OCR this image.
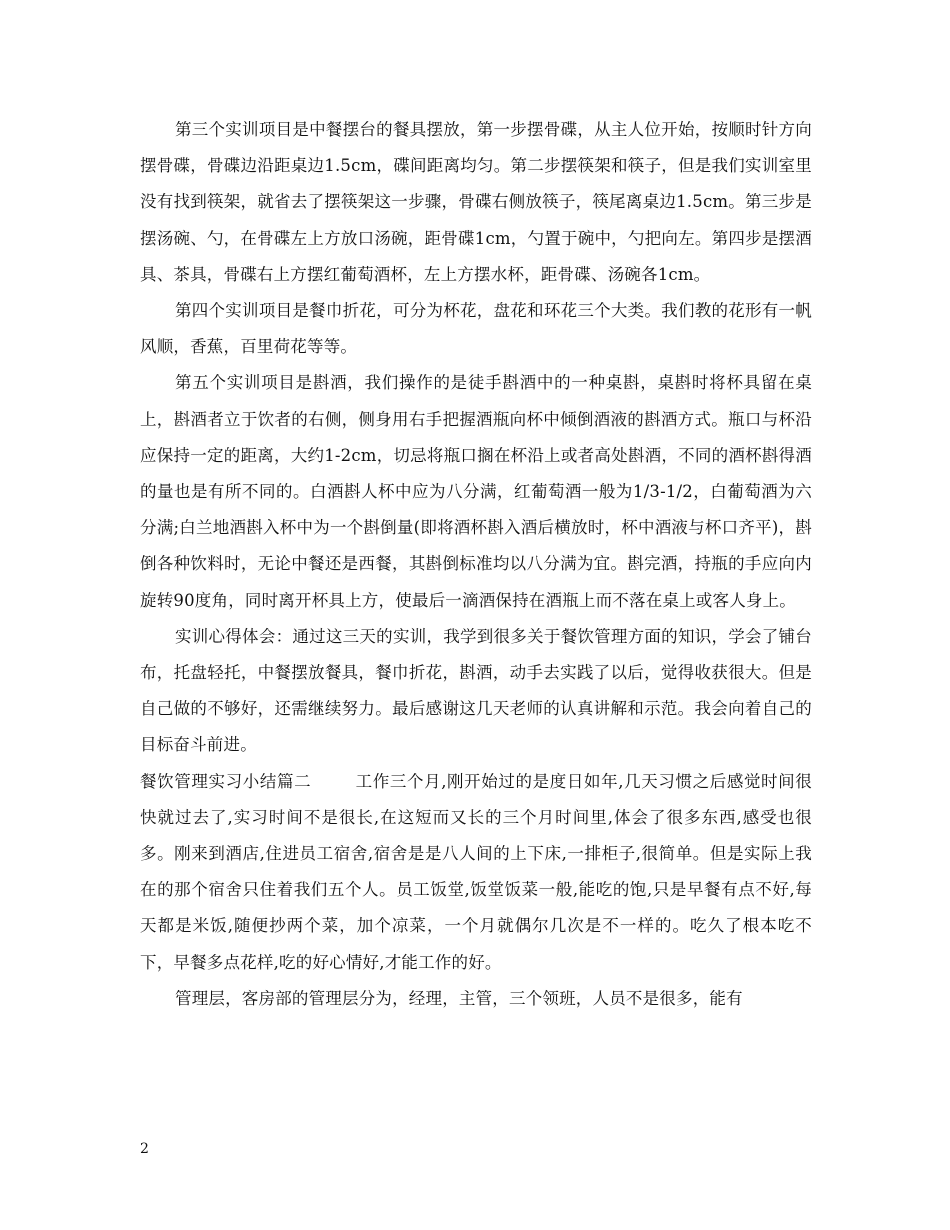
第三个实训项目是中餐摆台的餐具摆放，第一步摆骨碟，从主人位开始，按顺时针方向摆骨碟，骨碟边沿距桌边1.5cm，碟间距离均匀。第二步摆筷架和筷子，但是我们实训室里没有找到筷架，就省去了摆筷架这一步骤，骨碟右侧放筷子，筷尾离桌边1.5cm。第三步是摆汤碗、勺，在骨碟左上方放口汤碗，距骨碟1cm，勺置于碗中，勺把向左。第四步是摆酒具、茶具，骨碟右上方摆红葡萄酒杯，左上方摆水杯，距骨碟、汤碗各1cm。

第四个实训项目是餐巾折花，可分为杯花，盘花和环花三个大类。我们教的花形有一帆风顺，香蕉，百里荷花等等。

第五个实训项目是斟酒，我们操作的是徒手斟酒中的一种桌斟，桌斟时将杯具留在桌上，斟酒者立于饮者的右侧，侧身用右手把握酒瓶向杯中倾倒酒液的斟酒方式。瓶口与杯沿应保持一定的距离，大约1-2cm，切忌将瓶口搁在杯沿上或者高处斟酒，不同的酒杯斟得酒的量也是有所不同的。白酒斟人杯中应为八分满，红葡萄酒一般为1/3-1/2，白葡萄酒为六分满;白兰地酒斟入杯中为一个斟倒量(即将酒杯斟入酒后横放时，杯中酒液与杯口齐平)，斟倒各种饮料时，无论中餐还是西餐，其斟倒标准均以八分满为宜。斟完酒，持瓶的手应向内旋转90度角，同时离开杯具上方，使最后一滴酒保持在酒瓶上而不落在桌上或客人身上。

实训心得体会：通过这三天的实训，我学到很多关于餐饮管理方面的知识，学会了铺台布，托盘轻托，中餐摆放餐具，餐巾折花，斟酒，动手去实践了以后，觉得收获很大。但是自己做的不够好，还需继续努力。最后感谢这几天老师的认真讲解和示范。我会向着自己的目标奋斗前进。

餐饮管理实习小结篇二	工作三个月,刚开始过的是度日如年,几天习惯之后感觉时间很快就过去了,实习时间不是很长,在这短而又长的三个月时间里,体会了很多东西,感受也很多。刚来到酒店,住进员工宿舍,宿舍是是八人间的上下床,一排柜子,很简单。但是实际上我在的那个宿舍只住着我们五个人。员工饭堂,饭堂饭菜一般,能吃的饱,只是早餐有点不好,每天都是米饭,随便抄两个菜，加个凉菜，一个月就偶尔几次是不一样的。吃久了根本吃不下，早餐多点花样,吃的好心情好,才能工作的好。

管理层，客房部的管理层分为，经理，主管，三个领班，人员不是很多，能有

2
